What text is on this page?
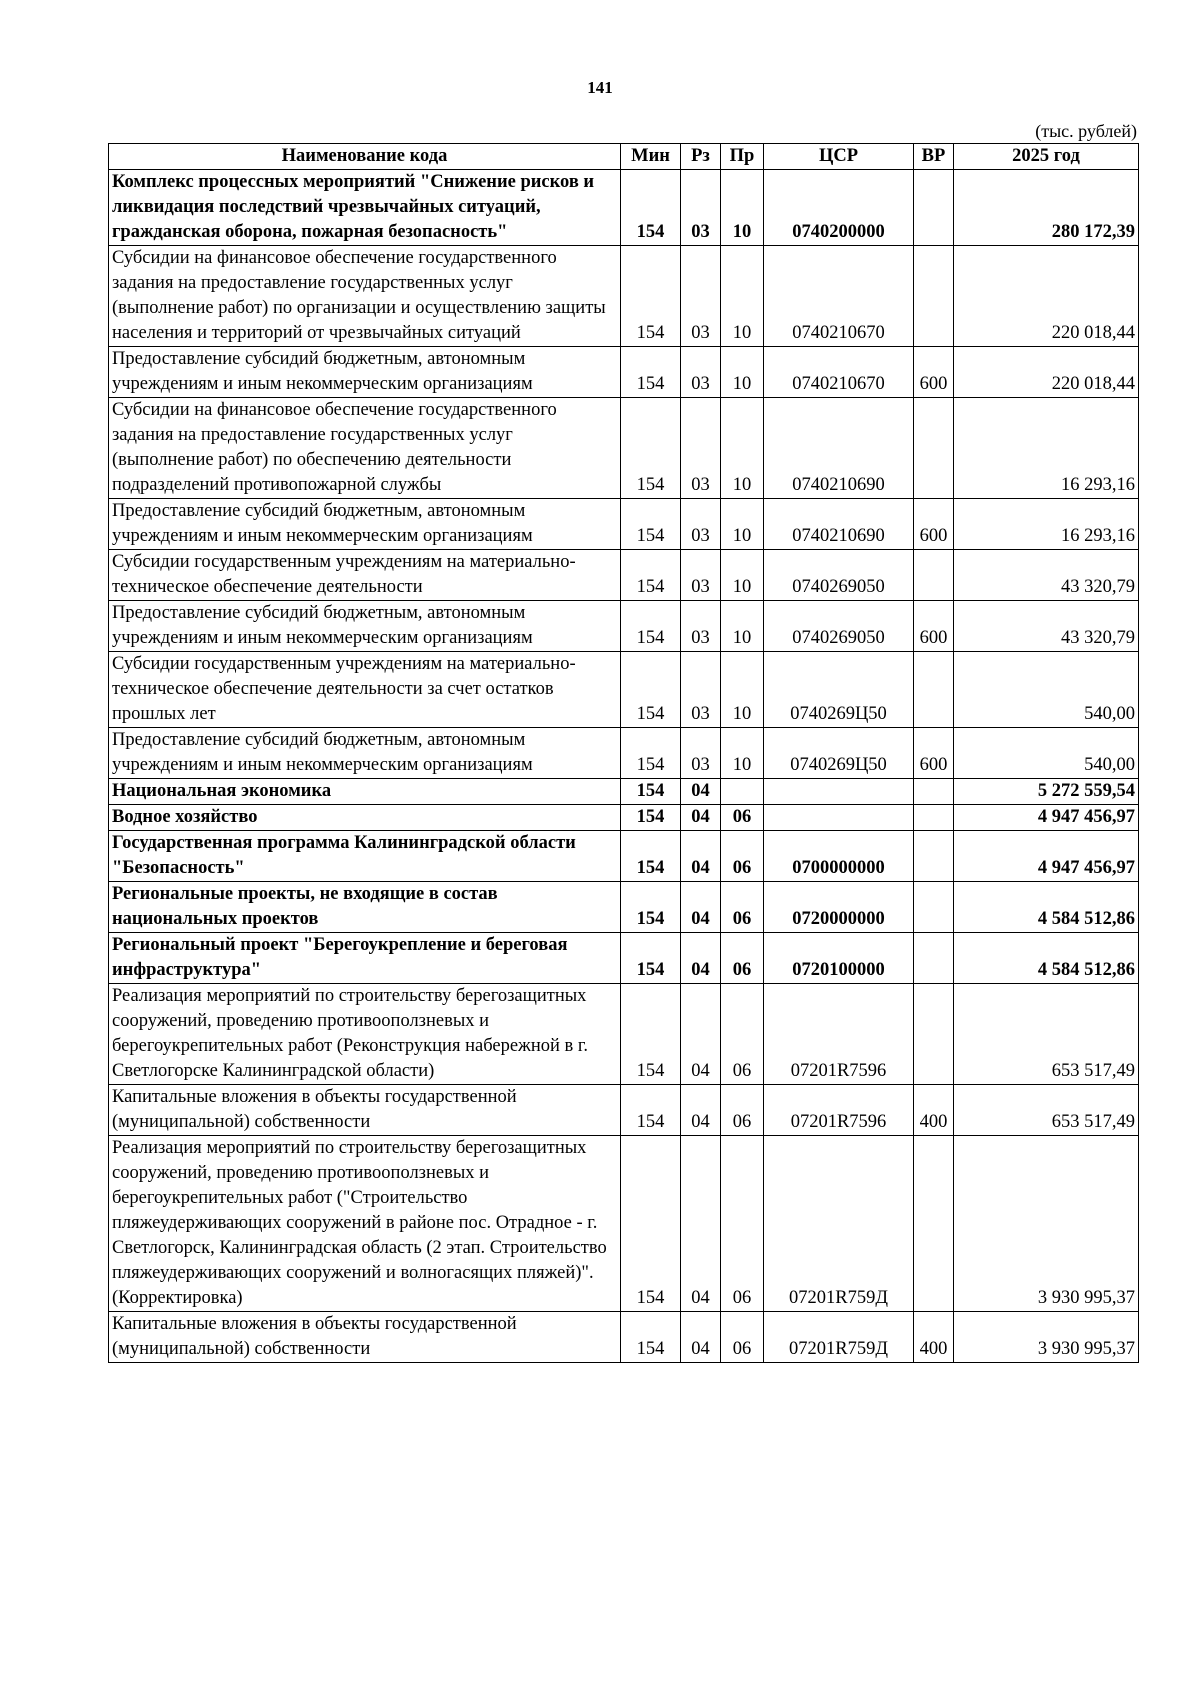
141
(тыс. рублей)
Наименование кода	Мин	Рз	Пр	ЦСР	ВР	2025 год
Комплекс процессных мероприятий "Снижение рисков и ликвидация последствий чрезвычайных ситуаций, гражданская оборона, пожарная безопасность"	154	03	10	0740200000		280 172,39
Субсидии на финансовое обеспечение государственного задания на предоставление государственных услуг (выполнение работ) по организации и осуществлению защиты населения и территорий от чрезвычайных ситуаций	154	03	10	0740210670		220 018,44
Предоставление субсидий бюджетным, автономным учреждениям и иным некоммерческим организациям	154	03	10	0740210670	600	220 018,44
Субсидии на финансовое обеспечение государственного задания на предоставление государственных услуг (выполнение работ) по обеспечению деятельности подразделений противопожарной службы	154	03	10	0740210690		16 293,16
Предоставление субсидий бюджетным, автономным учреждениям и иным некоммерческим организациям	154	03	10	0740210690	600	16 293,16
Субсидии государственным учреждениям на материально-техническое обеспечение деятельности	154	03	10	0740269050		43 320,79
Предоставление субсидий бюджетным, автономным учреждениям и иным некоммерческим организациям	154	03	10	0740269050	600	43 320,79
Субсидии государственным учреждениям на материально-техническое обеспечение деятельности за счет остатков прошлых лет	154	03	10	0740269Ц50		540,00
Предоставление субсидий бюджетным, автономным учреждениям и иным некоммерческим организациям	154	03	10	0740269Ц50	600	540,00
Национальная экономика	154	04				5 272 559,54
Водное хозяйство	154	04	06			4 947 456,97
Государственная программа Калининградской области "Безопасность"	154	04	06	0700000000		4 947 456,97
Региональные проекты, не входящие в состав национальных проектов	154	04	06	0720000000		4 584 512,86
Региональный проект "Берегоукрепление и береговая инфраструктура"	154	04	06	0720100000		4 584 512,86
Реализация мероприятий по строительству берегозащитных сооружений, проведению противооползневых и берегоукрепительных работ (Реконструкция набережной в г. Светлогорске Калининградской области)	154	04	06	07201R7596		653 517,49
Капитальные вложения в объекты государственной (муниципальной) собственности	154	04	06	07201R7596	400	653 517,49
Реализация мероприятий по строительству берегозащитных сооружений, проведению противооползневых и берегоукрепительных работ ("Строительство пляжеудерживающих сооружений в районе пос. Отрадное - г. Светлогорск, Калининградская область (2 этап. Строительство пляжеудерживающих сооружений и волногасящих пляжей)". (Корректировка)	154	04	06	07201R759Д		3 930 995,37
Капитальные вложения в объекты государственной (муниципальной) собственности	154	04	06	07201R759Д	400	3 930 995,37
